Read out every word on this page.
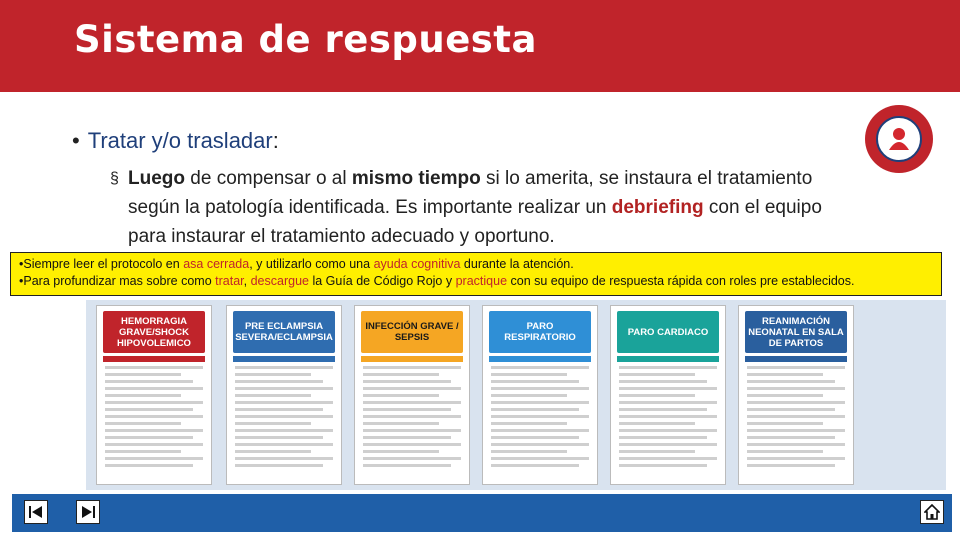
Sistema de respuesta
• Tratar y/o trasladar:
§ Luego de compensar o al mismo tiempo si lo amerita, se instaura el tratamiento según la patología identificada. Es importante realizar un debriefing con el equipo para instaurar el tratamiento adecuado y oportuno.
•Siempre leer el protocolo en asa cerrada, y utilizarlo como una ayuda cognitiva durante la atención.
•Para profundizar mas sobre como tratar, descargue la Guía de Código Rojo y practique con su equipo de respuesta rápida con roles pre establecidos.
HEMORRAGIA GRAVE/SHOCK HIPOVOLEMICO
PRE ECLAMPSIA SEVERA/ECLAMPSIA
INFECCIÓN GRAVE / SEPSIS
PARO RESPIRATORIO	PARO CARDIACO
REANIMACIÓN NEONATAL EN SALA DE PARTOS
